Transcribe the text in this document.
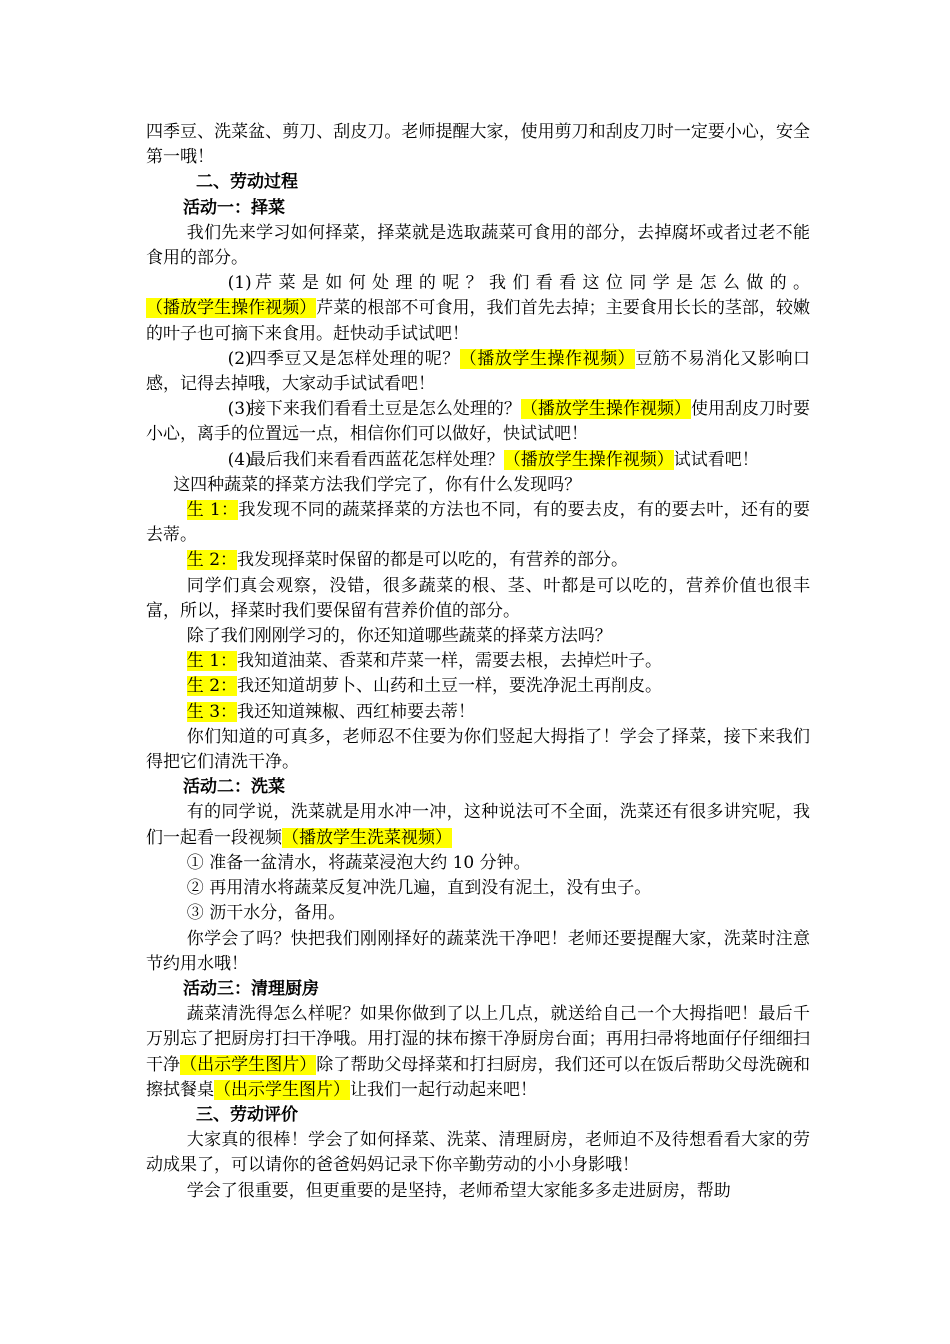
四季豆、洗菜盆、剪刀、刮皮刀。老师提醒大家，使用剪刀和刮皮刀时一定要小心，安全第一哦！

二、劳动过程

活动一：择菜

我们先来学习如何择菜，择菜就是选取蔬菜可食用的部分，去掉腐坏或者过老不能食用的部分。

(1)芹菜是如何处理的呢？我们看看这位同学是怎么做的。（播放学生操作视频）芹菜的根部不可食用，我们首先去掉；主要食用长长的茎部，较嫩的叶子也可摘下来食用。赶快动手试试吧！

(2)四季豆又是怎样处理的呢？（播放学生操作视频）豆筋不易消化又影响口感，记得去掉哦，大家动手试试看吧！

(3)接下来我们看看土豆是怎么处理的？（播放学生操作视频）使用刮皮刀时要小心，离手的位置远一点，相信你们可以做好，快试试吧！

(4)最后我们来看看西蓝花怎样处理？（播放学生操作视频）试试看吧！

这四种蔬菜的择菜方法我们学完了，你有什么发现吗？

生 1：我发现不同的蔬菜择菜的方法也不同，有的要去皮，有的要去叶，还有的要去蒂。

生 2：我发现择菜时保留的都是可以吃的，有营养的部分。

同学们真会观察，没错，很多蔬菜的根、茎、叶都是可以吃的，营养价值也很丰富，所以，择菜时我们要保留有营养价值的部分。

除了我们刚刚学习的，你还知道哪些蔬菜的择菜方法吗？

生 1：我知道油菜、香菜和芹菜一样，需要去根，去掉烂叶子。

生 2：我还知道胡萝卜、山药和土豆一样，要洗净泥土再削皮。

生 3：我还知道辣椒、西红柿要去蒂！

你们知道的可真多，老师忍不住要为你们竖起大拇指了！学会了择菜，接下来我们得把它们清洗干净。

活动二：洗菜

有的同学说，洗菜就是用水冲一冲，这种说法可不全面，洗菜还有很多讲究呢，我们一起看一段视频（播放学生洗菜视频）

① 准备一盆清水，将蔬菜浸泡大约 10 分钟。

② 再用清水将蔬菜反复冲洗几遍，直到没有泥土，没有虫子。

③ 沥干水分，备用。

你学会了吗？快把我们刚刚择好的蔬菜洗干净吧！老师还要提醒大家，洗菜时注意节约用水哦！

活动三：清理厨房

蔬菜清洗得怎么样呢？如果你做到了以上几点，就送给自己一个大拇指吧！最后千万别忘了把厨房打扫干净哦。用打湿的抹布擦干净厨房台面；再用扫帚将地面仔仔细细扫干净（出示学生图片）除了帮助父母择菜和打扫厨房，我们还可以在饭后帮助父母洗碗和擦拭餐桌（出示学生图片）让我们一起行动起来吧！

三、劳动评价

大家真的很棒！学会了如何择菜、洗菜、清理厨房，老师迫不及待想看看大家的劳动成果了，可以请你的爸爸妈妈记录下你辛勤劳动的小小身影哦！

学会了很重要，但更重要的是坚持，老师希望大家能多多走进厨房，帮助
